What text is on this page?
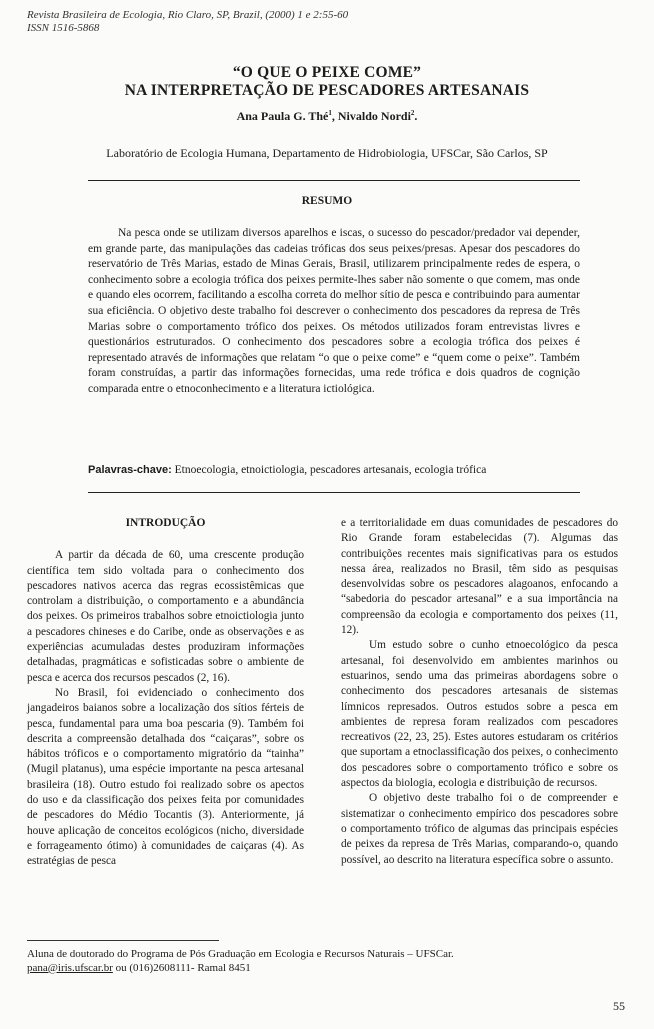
Revista Brasileira de Ecologia, Rio Claro, SP, Brazil, (2000) 1 e 2:55-60
ISSN 1516-5868
“O QUE O PEIXE COME”
NA INTERPRETAÇÃO DE PESCADORES ARTESANAIS
Ana Paula G. Thé$^1$, Nivaldo Nordi$^2$.
Laboratório de Ecologia Humana, Departamento de Hidrobiologia, UFSCar, São Carlos, SP
RESUMO

Na pesca onde se utilizam diversos aparelhos e iscas, o sucesso do pescador/predador vai depender, em grande parte, das manipulações das cadeias tróficas dos seus peixes/presas. Apesar dos pescadores do reservatório de Três Marias, estado de Minas Gerais, Brasil, utilizarem principalmente redes de espera, o conhecimento sobre a ecologia trófica dos peixes permite-lhes saber não somente o que comem, mas onde e quando eles ocorrem, facilitando a escolha correta do melhor sítio de pesca e contribuindo para aumentar sua eficiência. O objetivo deste trabalho foi descrever o conhecimento dos pescadores da represa de Três Marias sobre o comportamento trófico dos peixes. Os métodos utilizados foram entrevistas livres e questionários estruturados. O conhecimento dos pescadores sobre a ecologia trófica dos peixes é representado através de informações que relatam “o que o peixe come” e “quem come o peixe”. Também foram construídas, a partir das informações fornecidas, uma rede trófica e dois quadros de cognição comparada entre o etnoconhecimento e a literatura ictiológica.

Palavras-chave: Etnoecologia, etnoictiologia, pescadores artesanais, ecologia trófica
INTRODUÇÃO

A partir da década de 60, uma crescente produção científica tem sido voltada para o conhecimento dos pescadores nativos acerca das regras ecossistêmicas que controlam a distribuição, o comportamento e a abundância dos peixes. Os primeiros trabalhos sobre etnoictiologia junto a pescadores chineses e do Caribe, onde as observações e as experiências acumuladas destes produziram informações detalhadas, pragmáticas e sofisticadas sobre o ambiente de pesca e acerca dos recursos pescados (2, 16).

No Brasil, foi evidenciado o conhecimento dos jangadeiros baianos sobre a localização dos sítios férteis de pesca, fundamental para uma boa pescaria (9). Também foi descrita a compreensão detalhada dos “caiçaras”, sobre os hábitos tróficos e o comportamento migratório da “tainha” (Mugil platanus), uma espécie importante na pesca artesanal brasileira (18). Outro estudo foi realizado sobre os apectos do uso e da classificação dos peixes feita por comunidades de pescadores do Médio Tocantis (3). Anteriormente, já houve aplicação de conceitos ecológicos (nicho, diversidade e forrageamento ótimo) à comunidades de caiçaras (4). As estratégias de pesca

e a territorialidade em duas comunidades de pescadores do Rio Grande foram estabelecidas (7). Algumas das contribuições recentes mais significativas para os estudos nessa área, realizados no Brasil, têm sido as pesquisas desenvolvidas sobre os pescadores alagoanos, enfocando a “sabedoria do pescador artesanal” e a sua importância na compreensão da ecologia e comportamento dos peixes (11, 12).

Um estudo sobre o cunho etnoecológico da pesca artesanal, foi desenvolvido em ambientes marinhos ou estuarinos, sendo uma das primeiras abordagens sobre o conhecimento dos pescadores artesanais de sistemas límnicos represados. Outros estudos sobre a pesca em ambientes de represa foram realizados com pescadores recreativos (22, 23, 25). Estes autores estudaram os critérios que suportam a etnoclassificação dos peixes, o conhecimento dos pescadores sobre o comportamento trófico e sobre os aspectos da biologia, ecologia e distribuição de recursos.

O objetivo deste trabalho foi o de compreender e sistematizar o conhecimento empírico dos pescadores sobre o comportamento trófico de algumas das principais espécies de peixes da represa de Três Marias, comparando-o, quando possível, ao descrito na literatura específica sobre o assunto.

Aluna de doutorado do Programa de Pós Graduação em Ecologia e Recursos Naturais – UFSCar.
pana@iris.ufscar.br ou (016)2608111- Ramal 8451
55
